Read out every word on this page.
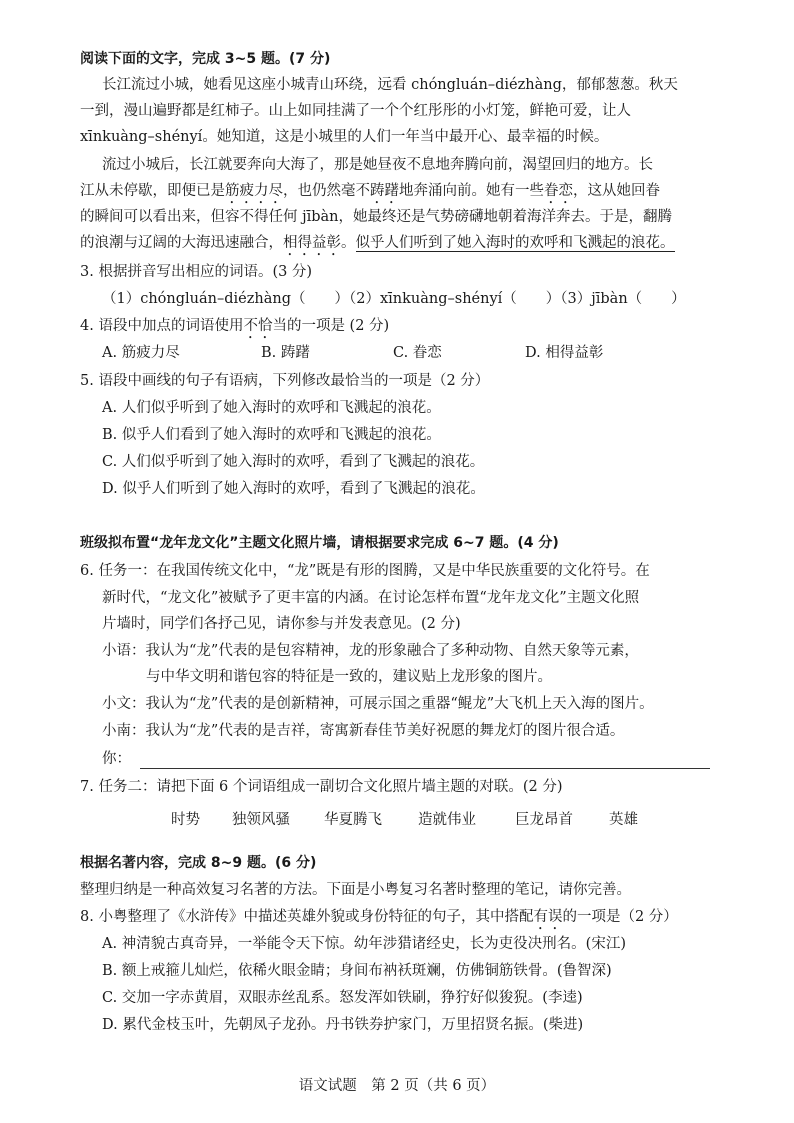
阅读下面的文字，完成 3~5 题。(7 分)
长江流过小城，她看见这座小城青山环绕，远看 chóngluán–diézhàng，郁郁葱葱。秋天
一到，漫山遍野都是红柿子。山上如同挂满了一个个红彤彤的小灯笼，鲜艳可爱，让人
xīnkuàng–shényí。她知道，这是小城里的人们一年当中最开心、最幸福的时候。
流过小城后，长江就要奔向大海了，那是她昼夜不息地奔腾向前，渴望回归的地方。长
江从未停歇，即便已是筋疲力尽，也仍然毫不踌躇地奔涌向前。她有一些眷恋，这从她回眷
的瞬间可以看出来，但容不得任何 jībàn，她最终还是气势磅礴地朝着海洋奔去。于是，翻腾
的浪潮与辽阔的大海迅速融合，相得益彰。似乎人们听到了她入海时的欢呼和飞溅起的浪花。
3. 根据拼音写出相应的词语。(3 分)
（1）chóngluán–diézhàng（　　）（2）xīnkuàng–shényí（　　）（3）jībàn（　　）
4. 语段中加点的词语使用不恰当的一项是 (2 分)
A. 筋疲力尽	B. 踌躇	C. 眷恋	D. 相得益彰
5. 语段中画线的句子有语病，下列修改最恰当的一项是（2 分）
A. 人们似乎听到了她入海时的欢呼和飞溅起的浪花。
B. 似乎人们看到了她入海时的欢呼和飞溅起的浪花。
C. 人们似乎听到了她入海时的欢呼，看到了飞溅起的浪花。
D. 似乎人们听到了她入海时的欢呼，看到了飞溅起的浪花。
班级拟布置“龙年龙文化”主题文化照片墙，请根据要求完成 6~7 题。(4 分)
6. 任务一：在我国传统文化中，“龙”既是有形的图腾，又是中华民族重要的文化符号。在
新时代，“龙文化”被赋予了更丰富的内涵。在讨论怎样布置“龙年龙文化”主题文化照
片墙时，同学们各抒己见，请你参与并发表意见。(2 分)
小语：我认为“龙”代表的是包容精神，龙的形象融合了多种动物、自然天象等元素，
与中华文明和谐包容的特征是一致的，建议贴上龙形象的图片。
小文：我认为“龙”代表的是创新精神，可展示国之重器“鲲龙”大飞机上天入海的图片。
小南：我认为“龙”代表的是吉祥，寄寓新春佳节美好祝愿的舞龙灯的图片很合适。
你：
7. 任务二：请把下面 6 个词语组成一副切合文化照片墙主题的对联。(2 分)
时势 独领风骚 华夏腾飞 造就伟业	巨龙昂首 英雄
根据名著内容，完成 8~9 题。(6 分)
整理归纳是一种高效复习名著的方法。下面是小粤复习名著时整理的笔记，请你完善。
8. 小粤整理了《水浒传》中描述英雄外貌或身份特征的句子，其中搭配有误的一项是（2 分）
A. 神清貌古真奇异，一举能令天下惊。幼年涉猎诸经史，长为吏役决刑名。(宋江)
B. 额上戒箍儿灿烂，依稀火眼金睛；身间布衲袄斑斓，仿佛铜筋铁骨。(鲁智深)
C. 交加一字赤黄眉，双眼赤丝乱系。怒发浑如铁刷，狰狞好似狻猊。(李逵)
D. 累代金枝玉叶，先朝凤子龙孙。丹书铁券护家门，万里招贤名振。(柴进)
语文试题　第 2 页（共 6 页）
